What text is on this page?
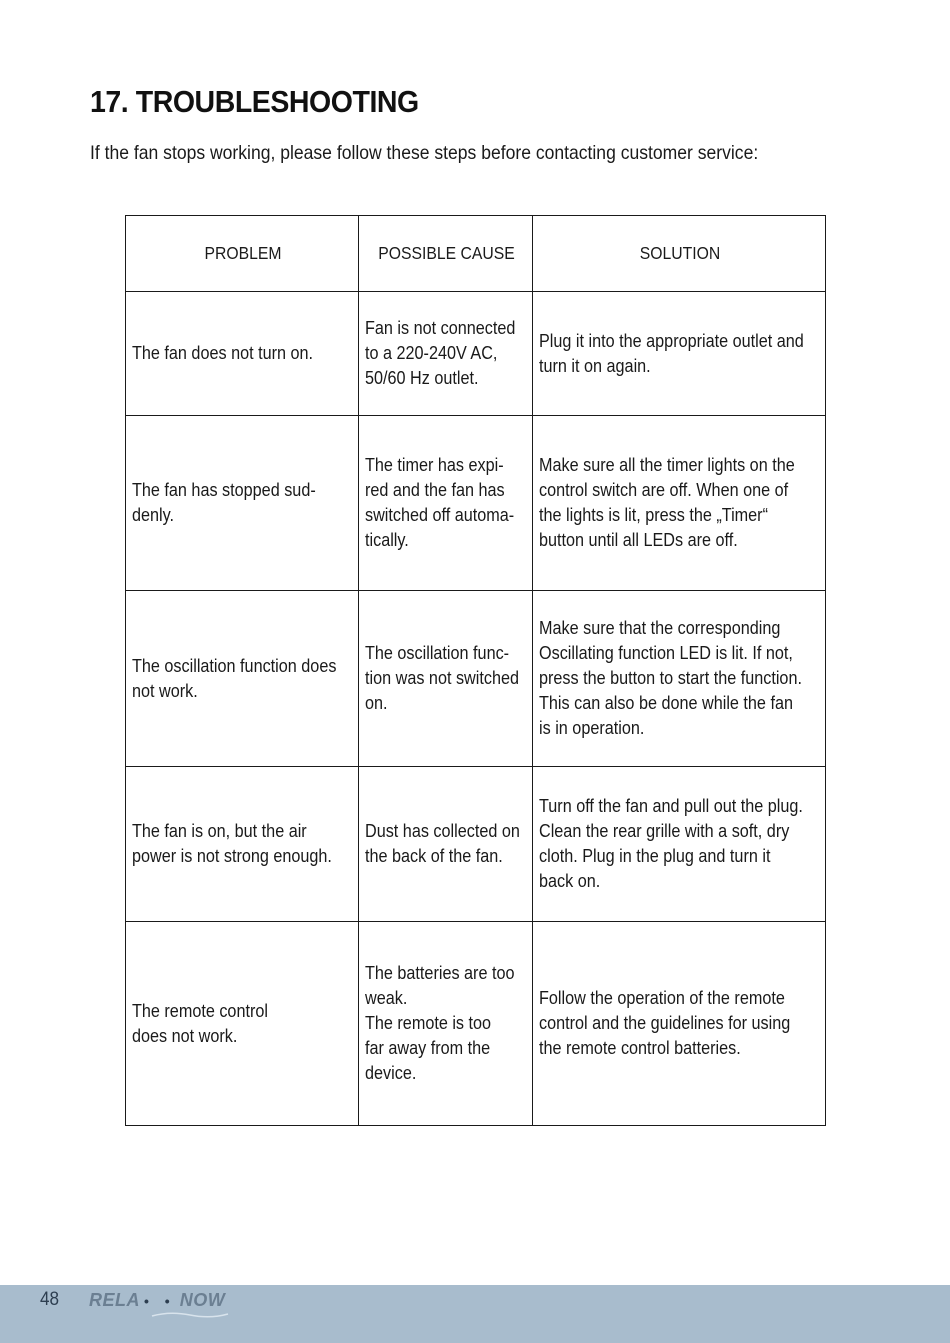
17. TROUBLESHOOTING

If the fan stops working, please follow these steps before contacting customer service:

PROBLEM	POSSIBLE CAUSE	SOLUTION

The fan does not turn on.	Fan is not connected
to a 220-240V AC,
50/60 Hz outlet.	Plug it into the appropriate outlet and
turn it on again.

The fan has stopped sud-
denly.	The timer has expi-
red and the fan has
switched off automa-
tically.	Make sure all the timer lights on the
control switch are off. When one of
the lights is lit, press the „Timer“
button until all LEDs are off.

The oscillation function does
not work.	The oscillation func-
tion was not switched
on.	Make sure that the corresponding
Oscillating function LED is lit. If not,
press the button to start the function.
This can also be done while the fan
is in operation.

The fan is on, but the air
power is not strong enough.	Dust has collected on
the back of the fan.	Turn off the fan and pull out the plug.
Clean the rear grille with a soft, dry
cloth. Plug in the plug and turn it
back on.

The remote control
does not work.	The batteries are too
weak.
The remote is too
far away from the
device.	Follow the operation of the remote
control and the guidelines for using
the remote control batteries.
48 RELA • • NOW
